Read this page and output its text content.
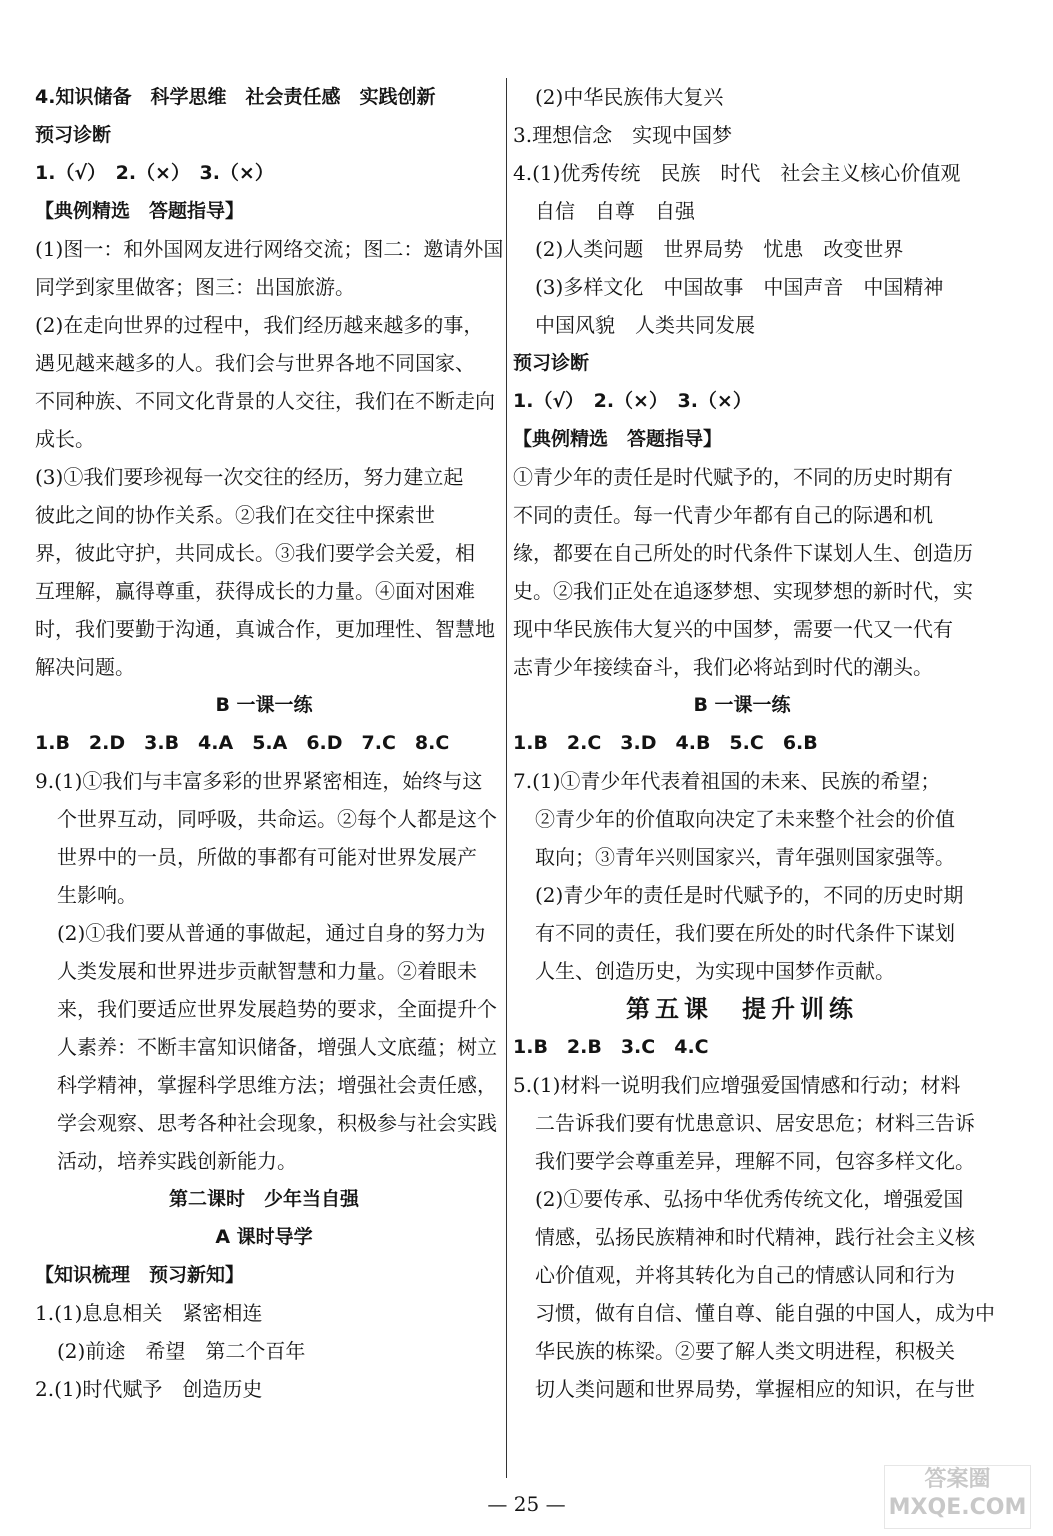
4.知识储备　科学思维　社会责任感　实践创新
预习诊断
1.（√）　2.（×）　3.（×）
【典例精选　答题指导】
(1)图一：和外国网友进行网络交流；图二：邀请外国
同学到家里做客；图三：出国旅游。
(2)在走向世界的过程中，我们经历越来越多的事，
遇见越来越多的人。我们会与世界各地不同国家、
不同种族、不同文化背景的人交往，我们在不断走向
成长。
(3)①我们要珍视每一次交往的经历，努力建立起
彼此之间的协作关系。②我们在交往中探索世
界，彼此守护，共同成长。③我们要学会关爱，相
互理解，赢得尊重，获得成长的力量。④面对困难
时，我们要勤于沟通，真诚合作，更加理性、智慧地
解决问题。
B 一课一练
1.B　2.D　3.B　4.A　5.A　6.D　7.C　8.C
9.(1)①我们与丰富多彩的世界紧密相连，始终与这
个世界互动，同呼吸，共命运。②每个人都是这个
世界中的一员，所做的事都有可能对世界发展产
生影响。
(2)①我们要从普通的事做起，通过自身的努力为
人类发展和世界进步贡献智慧和力量。②着眼未
来，我们要适应世界发展趋势的要求，全面提升个
人素养：不断丰富知识储备，增强人文底蕴；树立
科学精神，掌握科学思维方法；增强社会责任感，
学会观察、思考各种社会现象，积极参与社会实践
活动，培养实践创新能力。
第二课时　少年当自强
A 课时导学
【知识梳理　预习新知】
1.(1)息息相关　紧密相连
(2)前途　希望　第二个百年
2.(1)时代赋予　创造历史
(2)中华民族伟大复兴
3.理想信念　实现中国梦
4.(1)优秀传统　民族　时代　社会主义核心价值观
自信　自尊　自强
(2)人类问题　世界局势　忧患　改变世界
(3)多样文化　中国故事　中国声音　中国精神
中国风貌　人类共同发展
预习诊断
1.（√）　2.（×）　3.（×）
【典例精选　答题指导】
①青少年的责任是时代赋予的，不同的历史时期有
不同的责任。每一代青少年都有自己的际遇和机
缘，都要在自己所处的时代条件下谋划人生、创造历
史。②我们正处在追逐梦想、实现梦想的新时代，实
现中华民族伟大复兴的中国梦，需要一代又一代有
志青少年接续奋斗，我们必将站到时代的潮头。
B 一课一练
1.B　2.C　3.D　4.B　5.C　6.B
7.(1)①青少年代表着祖国的未来、民族的希望；
②青少年的价值取向决定了未来整个社会的价值
取向；③青年兴则国家兴，青年强则国家强等。
(2)青少年的责任是时代赋予的，不同的历史时期
有不同的责任，我们要在所处的时代条件下谋划
人生、创造历史，为实现中国梦作贡献。
第五课　提升训练
1.B　2.B　3.C　4.C
5.(1)材料一说明我们应增强爱国情感和行动；材料
二告诉我们要有忧患意识、居安思危；材料三告诉
我们要学会尊重差异，理解不同，包容多样文化。
(2)①要传承、弘扬中华优秀传统文化，增强爱国
情感，弘扬民族精神和时代精神，践行社会主义核
心价值观，并将其转化为自己的情感认同和行为
习惯，做有自信、懂自尊、能自强的中国人，成为中
华民族的栋梁。②要了解人类文明进程，积极关
切人类问题和世界局势，掌握相应的知识，在与世
— 25 —
答案圈 MXQE.COM
